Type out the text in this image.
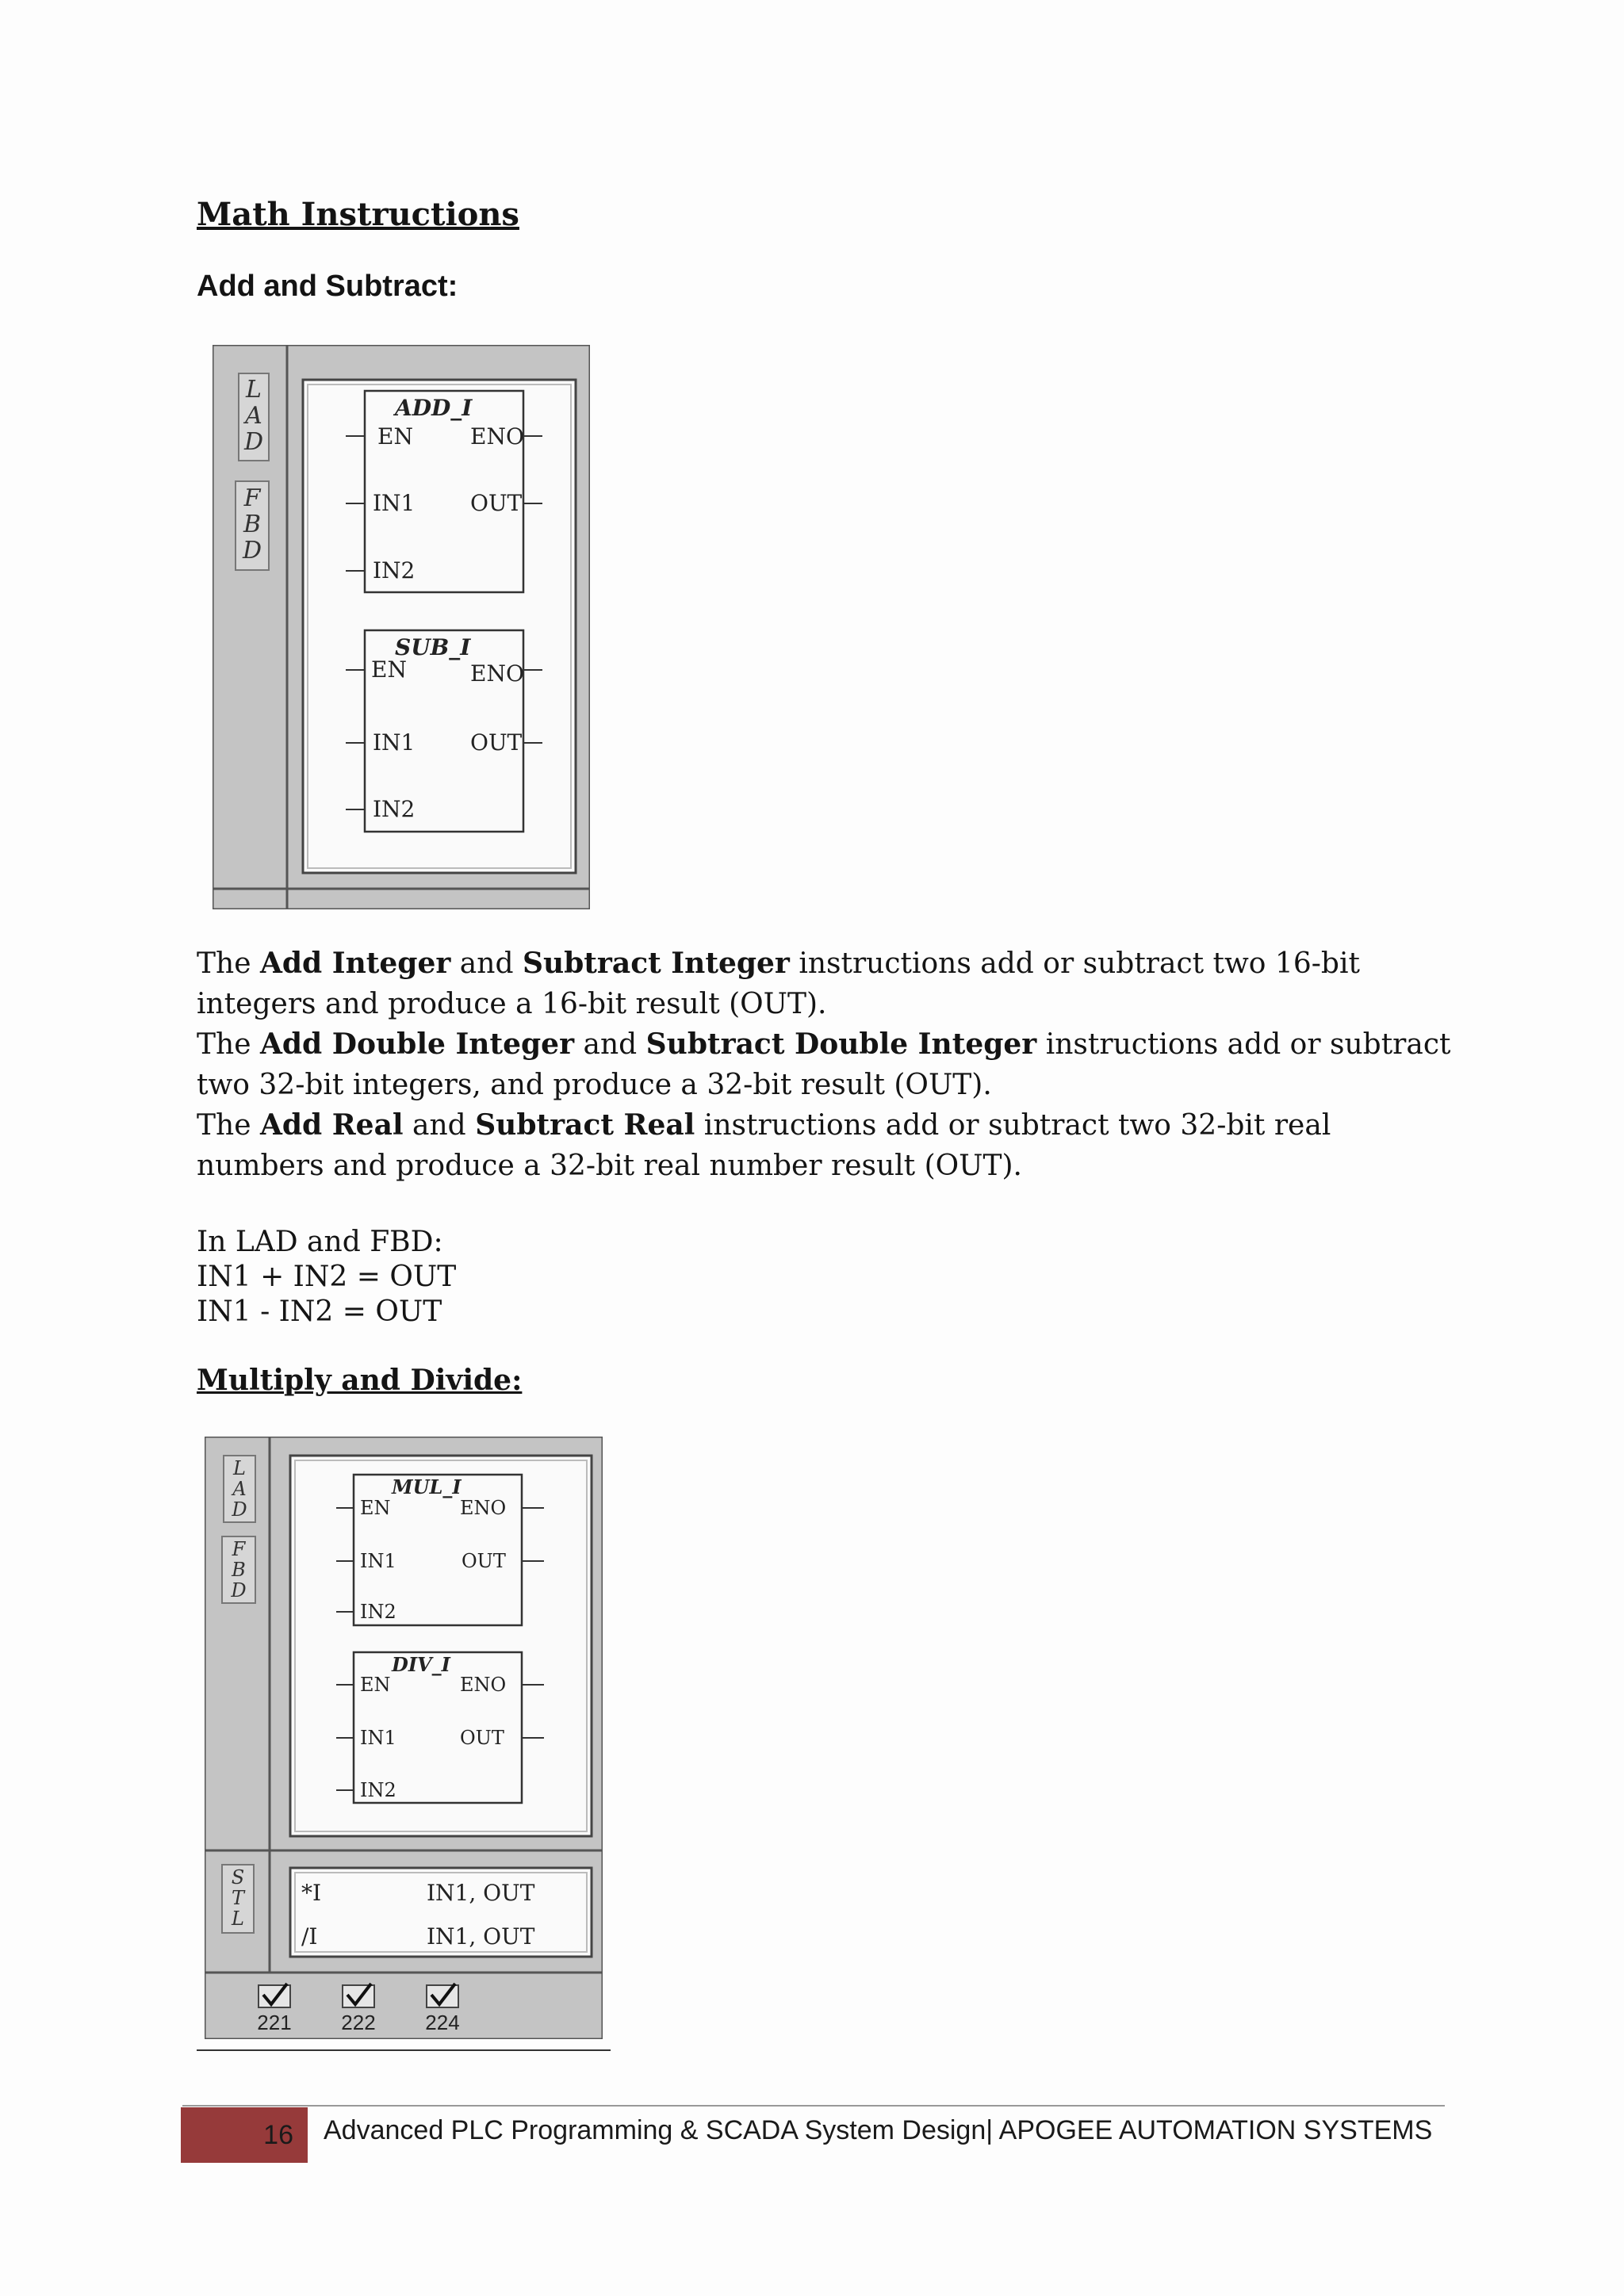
Math Instructions
Add and Subtract:
L
A
D
F
B
D
ADD_I
EN	ENO
IN1 OUT
IN2
SUB_I
EN	ENO
IN1 OUT
IN2

The Add Integer and Subtract Integer instructions add or subtract two 16-bit integers and produce a 16-bit result (OUT).

The Add Double Integer and Subtract Double Integer instructions add or subtract two 32-bit integers, and produce a 32-bit result (OUT).

The Add Real and Subtract Real instructions add or subtract two 32-bit real numbers and produce a 32-bit real number result (OUT).

In LAD and FBD:
IN1 + IN2 = OUT
IN1 - IN2 = OUT
Multiply and Divide:
L
A
D
F
B
D
MUL_I
EN	ENO
IN1	OUT
IN2
DIV_I
EN	ENO
IN1	OUT
IN2
S
T
L
*I	IN1, OUT
/I	IN1, OUT
221 222 224
16	Advanced PLC Programming & SCADA System Design| APOGEE AUTOMATION SYSTEMS
